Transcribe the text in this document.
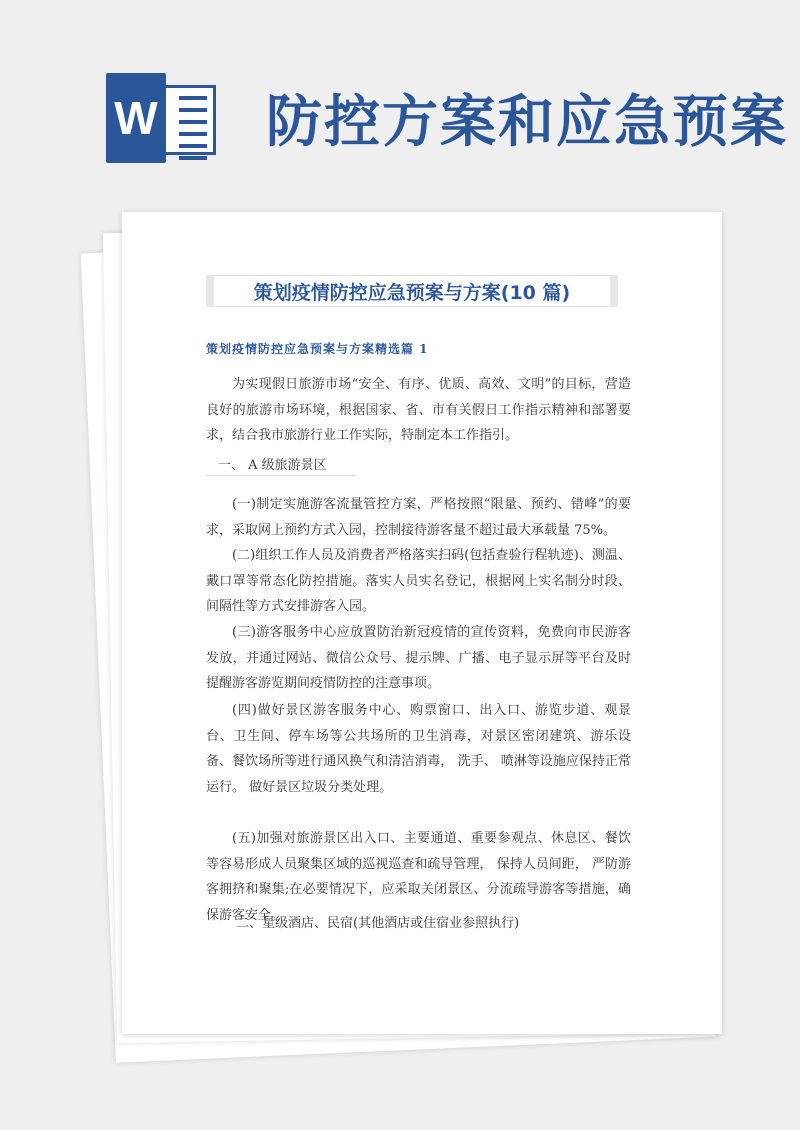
W 防控方案和应急预案
策划疫情防控应急预案与方案(10 篇)
策划疫情防控应急预案与方案精选篇 1

为实现假日旅游市场“安全、有序、优质、高效、文明”的目标，营造良好的旅游市场环境，根据国家、省、市有关假日工作指示精神和部署要求，结合我市旅游行业工作实际，特制定本工作指引。

一、 A 级旅游景区

(一)制定实施游客流量管控方案，严格按照“限量、预约、错峰”的要求，采取网上预约方式入园，控制接待游客量不超过最大承载量 75%。

(二)组织工作人员及消费者严格落实扫码(包括查验行程轨迹)、测温、 戴口罩等常态化防控措施。落实人员实名登记，根据网上实名制分时段、间隔性等方式安排游客入园。

(三)游客服务中心应放置防治新冠疫情的宣传资料，免费向市民游客发放，并通过网站、微信公众号、提示牌、广播、电子显示屏等平台及时提醒游客游览期间疫情防控的注意事项。

(四)做好景区游客服务中心、购票窗口、出入口、游览步道、观景台、卫生间、停车场等公共场所的卫生消毒，对景区密闭建筑、游乐设备、餐饮场所等进行通风换气和清洁消毒， 洗手、 喷淋等设施应保持正常运行。 做好景区垃圾分类处理。

(五)加强对旅游景区出入口、主要通道、重要参观点、休息区、餐饮等容易形成人员聚集区域的巡视巡查和疏导管理， 保持人员间距， 严防游客拥挤和聚集;在必要情况下，应采取关闭景区、分流疏导游客等措施，确保游客安全。

二、星级酒店、民宿(其他酒店或住宿业参照执行)
